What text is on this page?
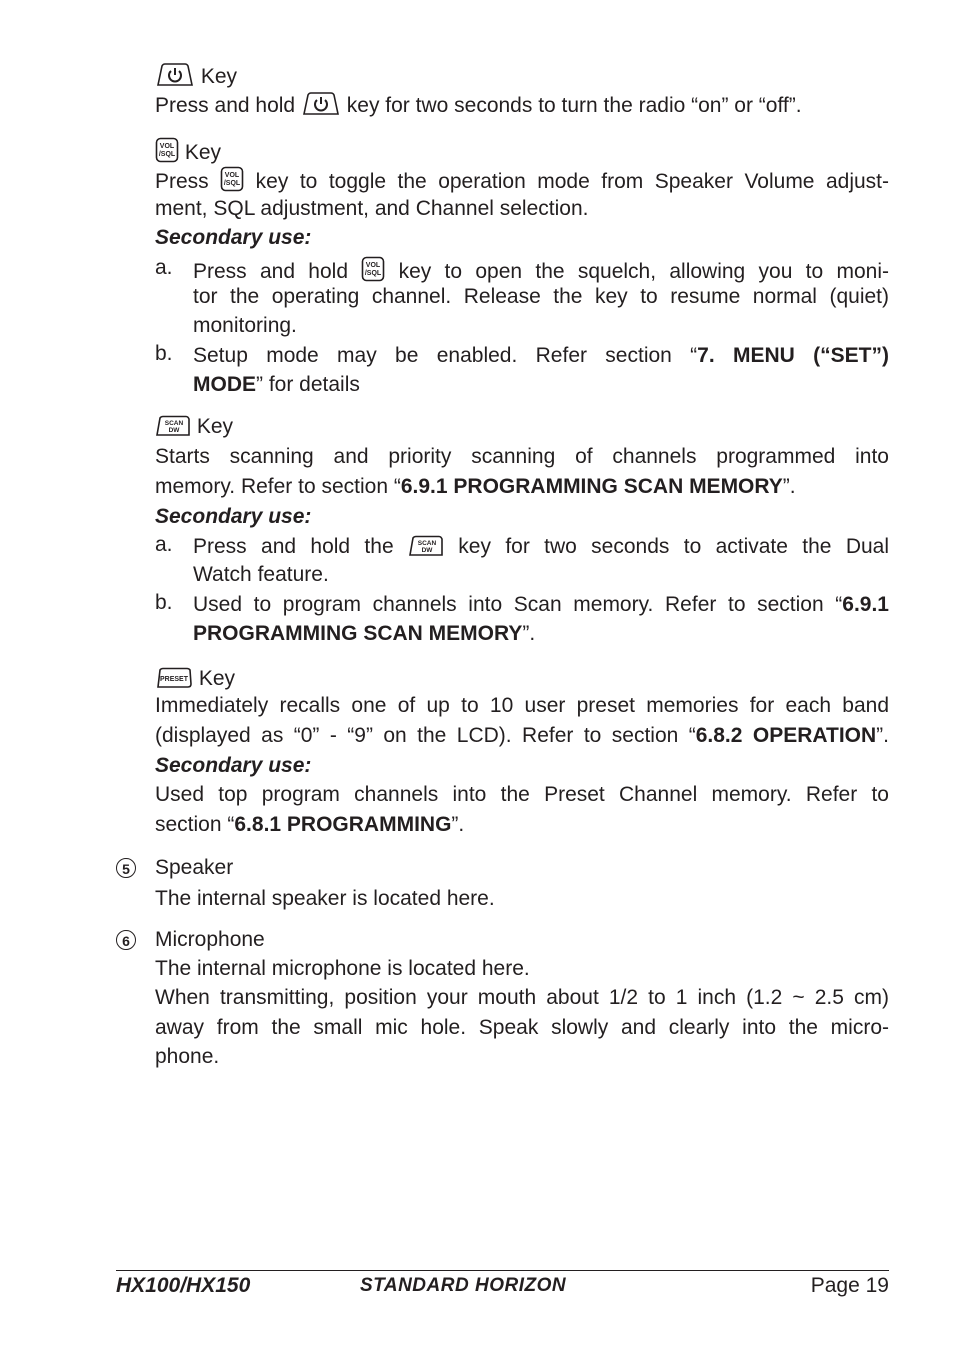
Key
Press and hold  key for two seconds to turn the radio “on” or “off”.
VOL
/SQL Key
Press VOL
/SQL key to toggle the operation mode from Speaker Volume adjust-
ment, SQL adjustment, and Channel selection.
Secondary use:
a. Press and hold VOL
/SQL key to open the squelch, allowing you to moni-
tor the operating channel. Release the key to resume normal (quiet)
monitoring.
b. Setup mode may be enabled. Refer section “7. MENU (“SET”)
MODE” for details
SCAN
DW Key
Starts scanning and priority scanning of channels programmed into
memory. Refer to section “6.9.1 PROGRAMMING SCAN MEMORY”.
Secondary use:
a. Press and hold the SCAN
DW key for two seconds to activate the Dual
Watch feature.
b. Used to program channels into Scan memory. Refer to section “6.9.1
PROGRAMMING SCAN MEMORY”.
PRESET Key
Immediately recalls one of up to 10 user preset memories for each band
(displayed as “0” - “9” on the LCD). Refer to section “6.8.2 OPERATION”.
Secondary use:
Used top program channels into the Preset Channel memory. Refer to
section “6.8.1 PROGRAMMING”.
5 Speaker
The internal speaker is located here.
6 Microphone
The internal microphone is located here.
When transmitting, position your mouth about 1/2 to 1 inch (1.2 ~ 2.5 cm)
away from the small mic hole. Speak slowly and clearly into the micro-
phone.
HX100/HX150	STANDARD HORIZON	Page 19
